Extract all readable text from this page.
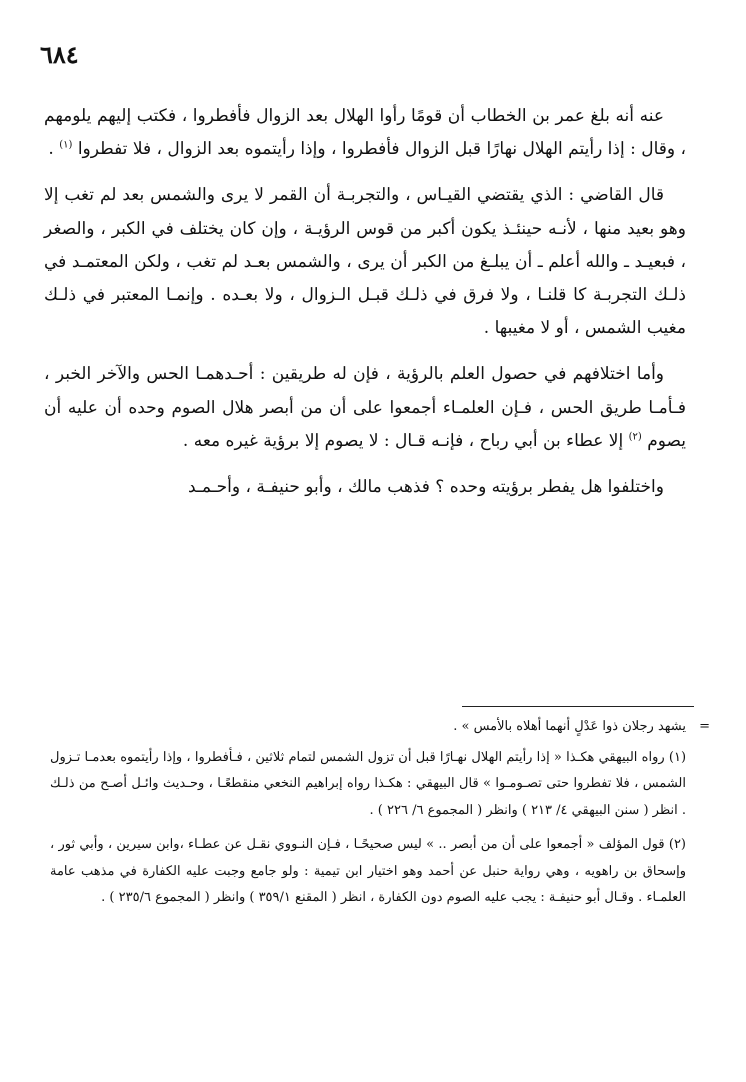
٦٨٤

عنه أنه بلغ عمر بن الخطاب أن قومًا رأوا الهلال بعد الزوال فأفطروا ، فكتب إليهم يلومهم ، وقال : إذا رأيتم الهلال نهارًا قبل الزوال فأفطروا ، وإذا رأيتموه بعد الزوال ، فلا تفطروا $^{(١)}$ .

قال القاضي : الذي يقتضي القيـاس ، والتجربـة أن القمر لا يرى والشمس بعد لم تغب إلا وهو بعيد منها ، لأنـه حينئـذ يكون أكبر من قوس الرؤيـة ، وإن كان يختلف في الكبر ، والصغر ، فبعيـد ـ والله أعلم ـ أن يبلـغ من الكبر أن يرى ، والشمس بعـد لم تغب ، ولكن المعتمـد في ذلـك التجربـة كا قلنـا ، ولا فرق في ذلـك قبـل الـزوال ، ولا بعـده . وإنمـا المعتبر في ذلـك مغيب الشمس ، أو لا مغيبها .

وأما اختلافهم في حصول العلم بالرؤية ، فإن له طريقين : أحـدهمـا الحس والآخر الخبر ، فـأمـا طريق الحس ، فـإن العلمـاء أجمعوا على أن من أبصر هلال الصوم وحده أن عليه أن يصوم $^{(٢)}$ إلا عطاء بن أبي رباح ، فإنـه قـال : لا يصوم إلا برؤية غيره معه .

واختلفوا هل يفطر برؤيته وحده ؟ فذهب مالك ، وأبو حنيفـة ، وأحـمـد

=
يشهد رجلان ذوا عَدْلٍ أنهما أهلاه بالأمس » .
(١) رواه البيهقي هكـذا « إذا رأيتم الهلال نهـارًا قبل أن تزول الشمس لتمام ثلاثين ، فـأفطروا ، وإذا رأيتموه بعدمـا تـزول الشمس ، فلا تفطروا حتى تصـومـوا » قال البيهقي : هكـذا رواه إبراهيم النخعي منقطعًـا ، وحـديث وائـل أصـح من ذلـك . انظر ( سنن البيهقي ٤/ ٢١٣ ) وانظر ( المجموع ٦/ ٢٢٦ ) .
(٢) قول المؤلف « أجمعوا على أن من أبصر .. » ليس صحيحًـا ، فـإن النـووي نقـل عن عطـاء ،وابن سيرين ، وأبي ثور ، وإسحاق بن راهويه ، وهي رواية حنبل عن أحمد وهو اختيار ابن تيمية : ولو جامع وجبت عليه الكفارة في مذهب عامة العلمـاء . وقـال أبو حنيفـة : يجب عليه الصوم دون الكفارة ، انظر ( المقنع ٣٥٩/١ ) وانظر ( المجموع ٢٣٥/٦ ) .
